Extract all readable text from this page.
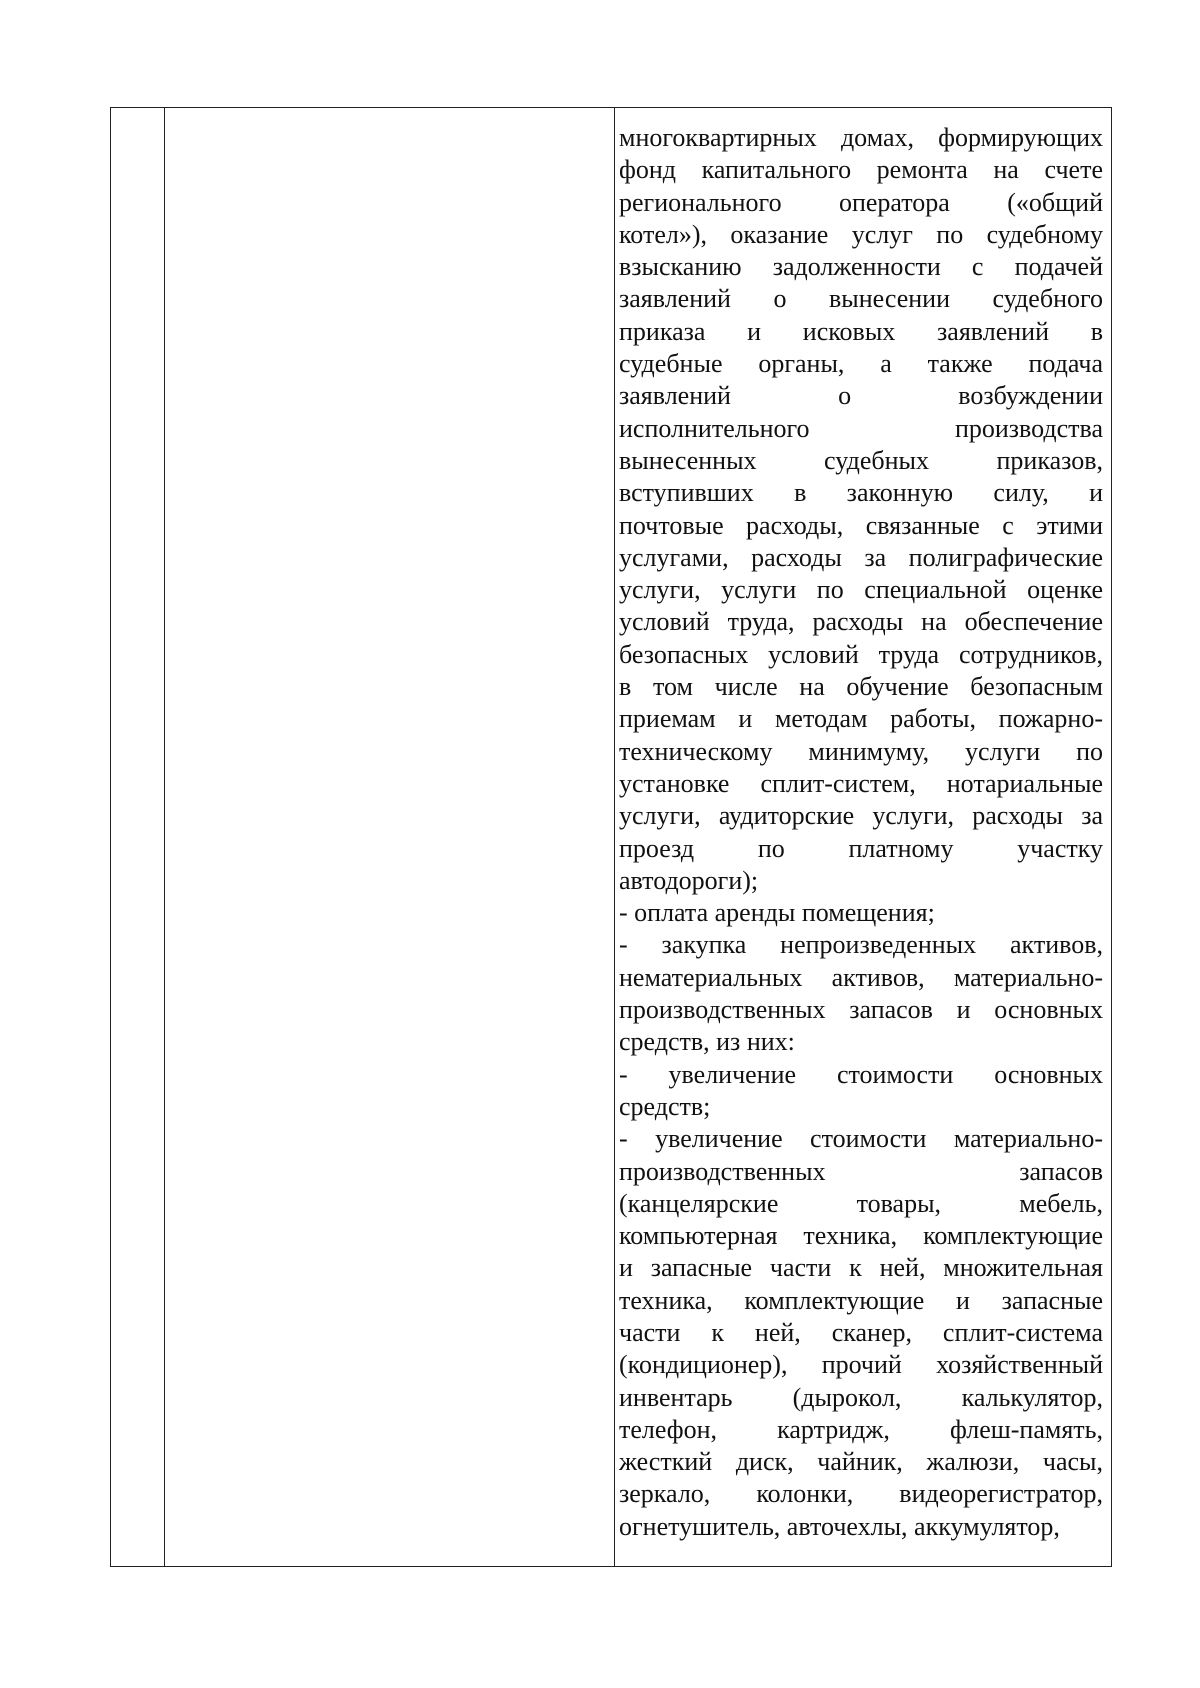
многоквартирных домах, формирующих
фонд капитального ремонта на счете
регионального оператора («общий
котел»), оказание услуг по судебному
взысканию задолженности с подачей
заявлений о вынесении судебного
приказа и исковых заявлений в
судебные органы, а также подача
заявлений о возбуждении
исполнительного производства
вынесенных судебных приказов,
вступивших в законную силу, и
почтовые расходы, связанные с этими
услугами, расходы за полиграфические
услуги, услуги по специальной оценке
условий труда, расходы на обеспечение
безопасных условий труда сотрудников,
в том числе на обучение безопасным
приемам и методам работы, пожарно-
техническому минимуму, услуги по
установке сплит-систем, нотариальные
услуги, аудиторские услуги, расходы за
проезд по платному участку
автодороги);
- оплата аренды помещения;
- закупка непроизведенных активов,
нематериальных активов, материально-
производственных запасов и основных
средств, из них:
- увеличение стоимости основных
средств;
- увеличение стоимости материально-
производственных запасов
(канцелярские товары, мебель,
компьютерная техника, комплектующие
и запасные части к ней, множительная
техника, комплектующие и запасные
части к ней, сканер, сплит-система
(кондиционер), прочий хозяйственный
инвентарь (дырокол, калькулятор,
телефон, картридж, флеш-память,
жесткий диск, чайник, жалюзи, часы,
зеркало, колонки, видеорегистратор,
огнетушитель, авточехлы, аккумулятор,
